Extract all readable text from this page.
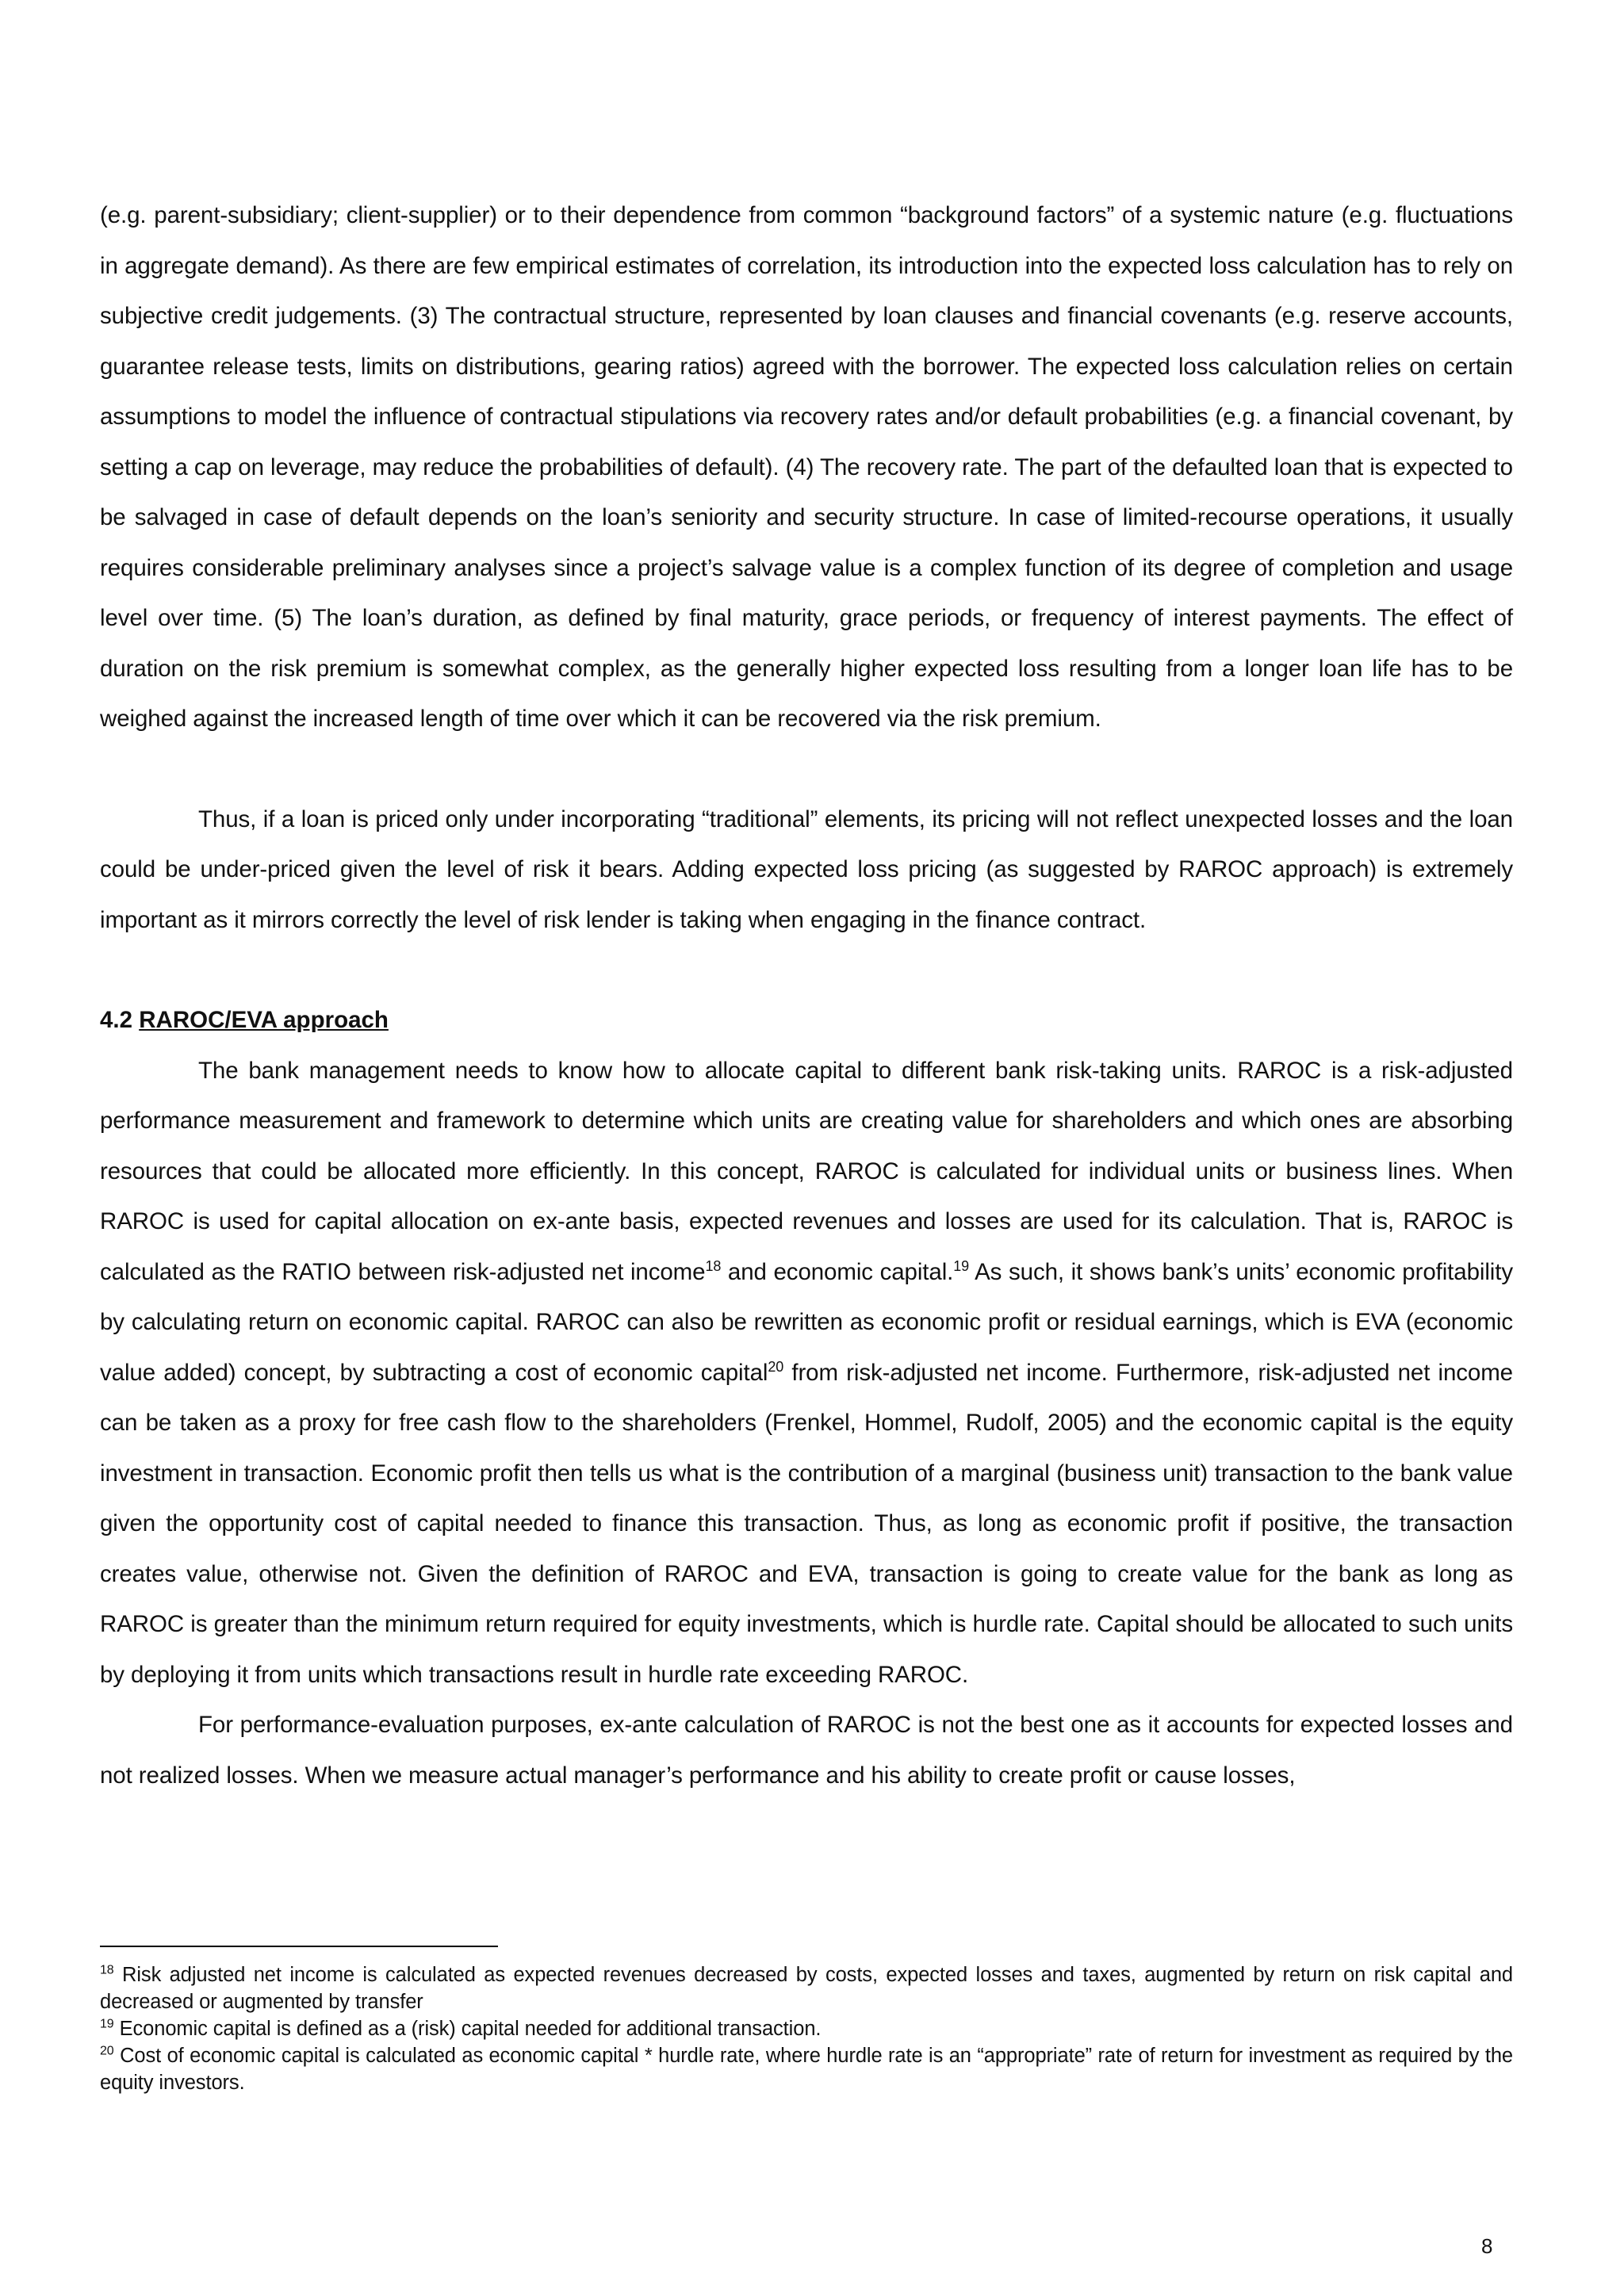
(e.g. parent-subsidiary; client-supplier) or to their dependence from common “background factors” of a systemic nature (e.g. fluctuations in aggregate demand). As there are few empirical estimates of correlation, its introduction into the expected loss calculation has to rely on subjective credit judgements. (3) The contractual structure, represented by loan clauses and financial covenants (e.g. reserve accounts, guarantee release tests, limits on distributions, gearing ratios) agreed with the borrower. The expected loss calculation relies on certain assumptions to model the influence of contractual stipulations via recovery rates and/or default probabilities (e.g. a financial covenant, by setting a cap on leverage, may reduce the probabilities of default). (4) The recovery rate. The part of the defaulted loan that is expected to be salvaged in case of default depends on the loan’s seniority and security structure. In case of limited-recourse operations, it usually requires considerable preliminary analyses since a project’s salvage value is a complex function of its degree of completion and usage level over time. (5) The loan’s duration, as defined by final maturity, grace periods, or frequency of interest payments. The effect of duration on the risk premium is somewhat complex, as the generally higher expected loss resulting from a longer loan life has to be weighed against the increased length of time over which it can be recovered via the risk premium.

Thus, if a loan is priced only under incorporating “traditional” elements, its pricing will not reflect unexpected losses and the loan could be under-priced given the level of risk it bears. Adding expected loss pricing (as suggested by RAROC approach) is extremely important as it mirrors correctly the level of risk lender is taking when engaging in the finance contract.

4.2 RAROC/EVA approach

The bank management needs to know how to allocate capital to different bank risk-taking units. RAROC is a risk-adjusted performance measurement and framework to determine which units are creating value for shareholders and which ones are absorbing resources that could be allocated more efficiently. In this concept, RAROC is calculated for individual units or business lines. When RAROC is used for capital allocation on ex-ante basis, expected revenues and losses are used for its calculation. That is, RAROC is calculated as the RATIO between risk-adjusted net income$^{18}$ and economic capital.$^{19}$ As such, it shows bank’s units’ economic profitability by calculating return on economic capital. RAROC can also be rewritten as economic profit or residual earnings, which is EVA (economic value added) concept, by subtracting a cost of economic capital$^{20}$ from risk-adjusted net income. Furthermore, risk-adjusted net income can be taken as a proxy for free cash flow to the shareholders (Frenkel, Hommel, Rudolf, 2005) and the economic capital is the equity investment in transaction. Economic profit then tells us what is the contribution of a marginal (business unit) transaction to the bank value given the opportunity cost of capital needed to finance this transaction. Thus, as long as economic profit if positive, the transaction creates value, otherwise not. Given the definition of RAROC and EVA, transaction is going to create value for the bank as long as RAROC is greater than the minimum return required for equity investments, which is hurdle rate. Capital should be allocated to such units by deploying it from units which transactions result in hurdle rate exceeding RAROC.

For performance-evaluation purposes, ex-ante calculation of RAROC is not the best one as it accounts for expected losses and not realized losses. When we measure actual manager’s performance and his ability to create profit or cause losses,

$^{18}$ Risk adjusted net income is calculated as expected revenues decreased by costs, expected losses and taxes, augmented by return on risk capital and decreased or augmented by transfer

$^{19}$ Economic capital is defined as a (risk) capital needed for additional transaction.

$^{20}$ Cost of economic capital is calculated as economic capital * hurdle rate, where hurdle rate is an “appropriate” rate of return for investment as required by the equity investors.

8
